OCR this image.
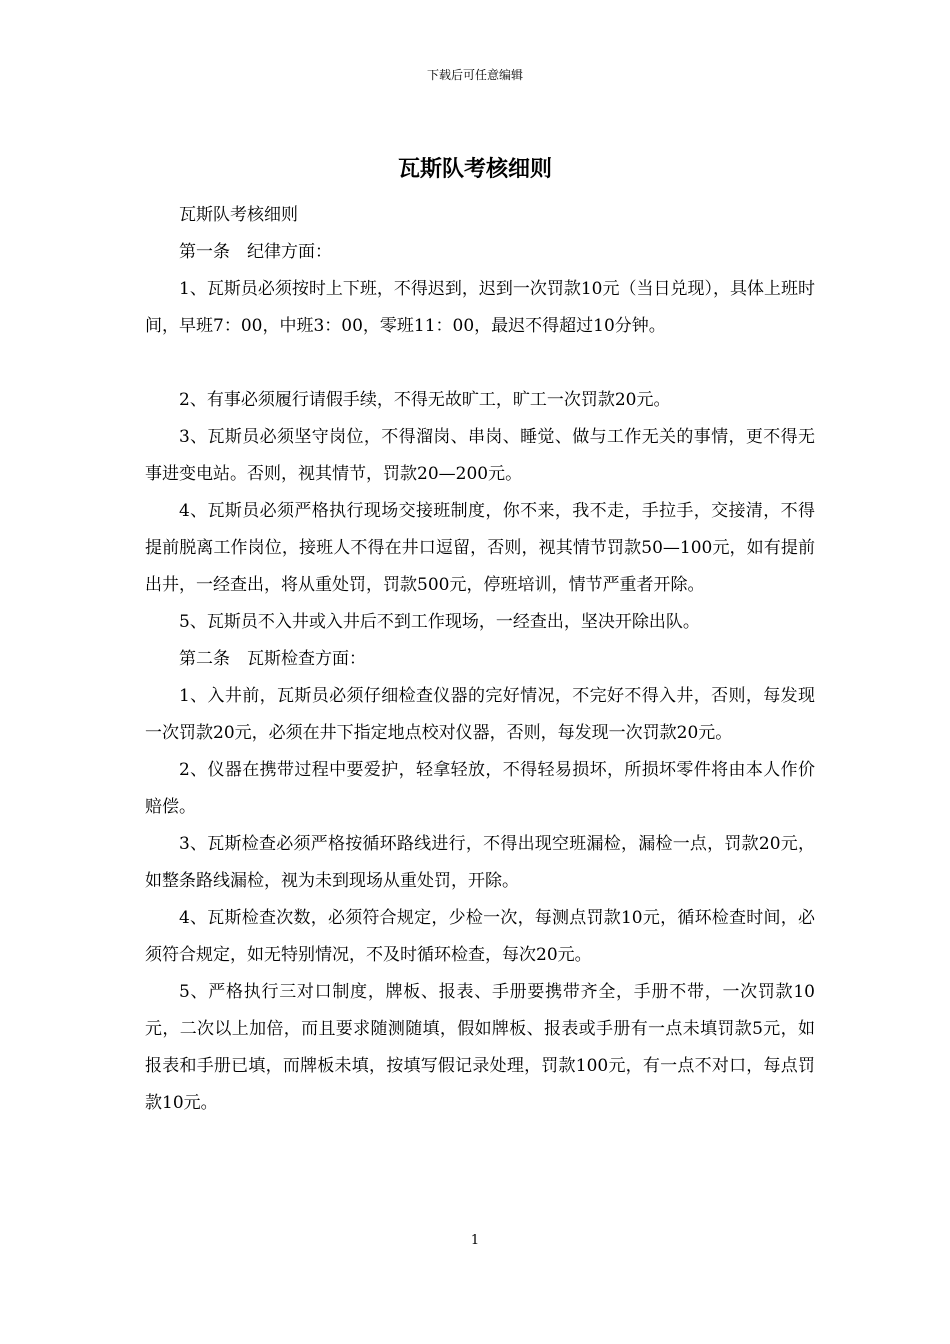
下载后可任意编辑
瓦斯队考核细则

瓦斯队考核细则

第一条　纪律方面：

1、瓦斯员必须按时上下班，不得迟到，迟到一次罚款10元（当日兑现），具体上班时间，早班7：00，中班3：00，零班11：00，最迟不得超过10分钟。

2、有事必须履行请假手续，不得无故旷工，旷工一次罚款20元。

3、瓦斯员必须坚守岗位，不得溜岗、串岗、睡觉、做与工作无关的事情，更不得无事进变电站。否则，视其情节，罚款20—200元。

4、瓦斯员必须严格执行现场交接班制度，你不来，我不走，手拉手，交接清，不得提前脱离工作岗位，接班人不得在井口逗留，否则，视其情节罚款50—100元，如有提前出井，一经查出，将从重处罚，罚款500元，停班培训，情节严重者开除。

5、瓦斯员不入井或入井后不到工作现场，一经查出，坚决开除出队。

第二条　瓦斯检查方面：

1、入井前，瓦斯员必须仔细检查仪器的完好情况，不完好不得入井，否则，每发现一次罚款20元，必须在井下指定地点校对仪器，否则，每发现一次罚款20元。

2、仪器在携带过程中要爱护，轻拿轻放，不得轻易损坏，所损坏零件将由本人作价赔偿。

3、瓦斯检查必须严格按循环路线进行，不得出现空班漏检，漏检一点，罚款20元，如整条路线漏检，视为未到现场从重处罚，开除。

4、瓦斯检查次数，必须符合规定，少检一次，每测点罚款10元，循环检查时间，必须符合规定，如无特别情况，不及时循环检查，每次20元。

5、严格执行三对口制度，牌板、报表、手册要携带齐全，手册不带，一次罚款10元，二次以上加倍，而且要求随测随填，假如牌板、报表或手册有一点未填罚款5元，如报表和手册已填，而牌板未填，按填写假记录处理，罚款100元，有一点不对口，每点罚款10元。

1
